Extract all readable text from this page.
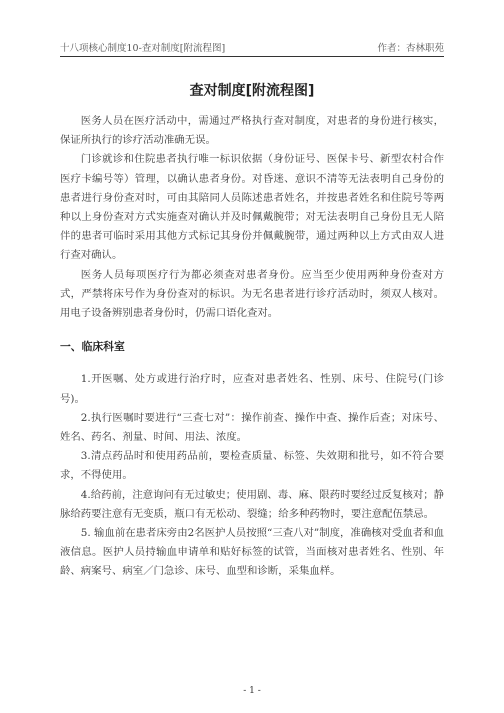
十八项核心制度10-查对制度[附流程图]	作者：杏林职苑
查对制度[附流程图]

医务人员在医疗活动中，需通过严格执行查对制度，对患者的身份进行核实，保证所执行的诊疗活动准确无误。

门诊就诊和住院患者执行唯一标识依据（身份证号、医保卡号、新型农村合作医疗卡编号等）管理，以确认患者身份。对昏迷、意识不清等无法表明自己身份的患者进行身份查对时，可由其陪同人员陈述患者姓名，并按患者姓名和住院号等两种以上身份查对方式实施查对确认并及时佩戴腕带；对无法表明自己身份且无人陪伴的患者可临时采用其他方式标记其身份并佩戴腕带，通过两种以上方式由双人进行查对确认。

医务人员每项医疗行为都必须查对患者身份。应当至少使用两种身份查对方式，严禁将床号作为身份查对的标识。为无名患者进行诊疗活动时，须双人核对。用电子设备辨别患者身份时，仍需口语化查对。

一、临床科室

1.开医嘱、处方或进行治疗时，应查对患者姓名、性别、床号、住院号(门诊号)。

2.执行医嘱时要进行“三查七对”：操作前查、操作中查、操作后查；对床号、姓名、药名、剂量、时间、用法、浓度。

3.清点药品时和使用药品前，要检查质量、标签、失效期和批号，如不符合要求，不得使用。

4.给药前，注意询问有无过敏史；使用剧、毒、麻、限药时要经过反复核对；静脉给药要注意有无变质，瓶口有无松动、裂缝；给多种药物时，要注意配伍禁忌。

5. 输血前在患者床旁由2名医护人员按照“三查八对”制度，准确核对受血者和血液信息。医护人员持输血申请单和贴好标签的试管，当面核对患者姓名、性别、年龄、病案号、病室／门急诊、床号、血型和诊断，采集血样。

- 1 -
